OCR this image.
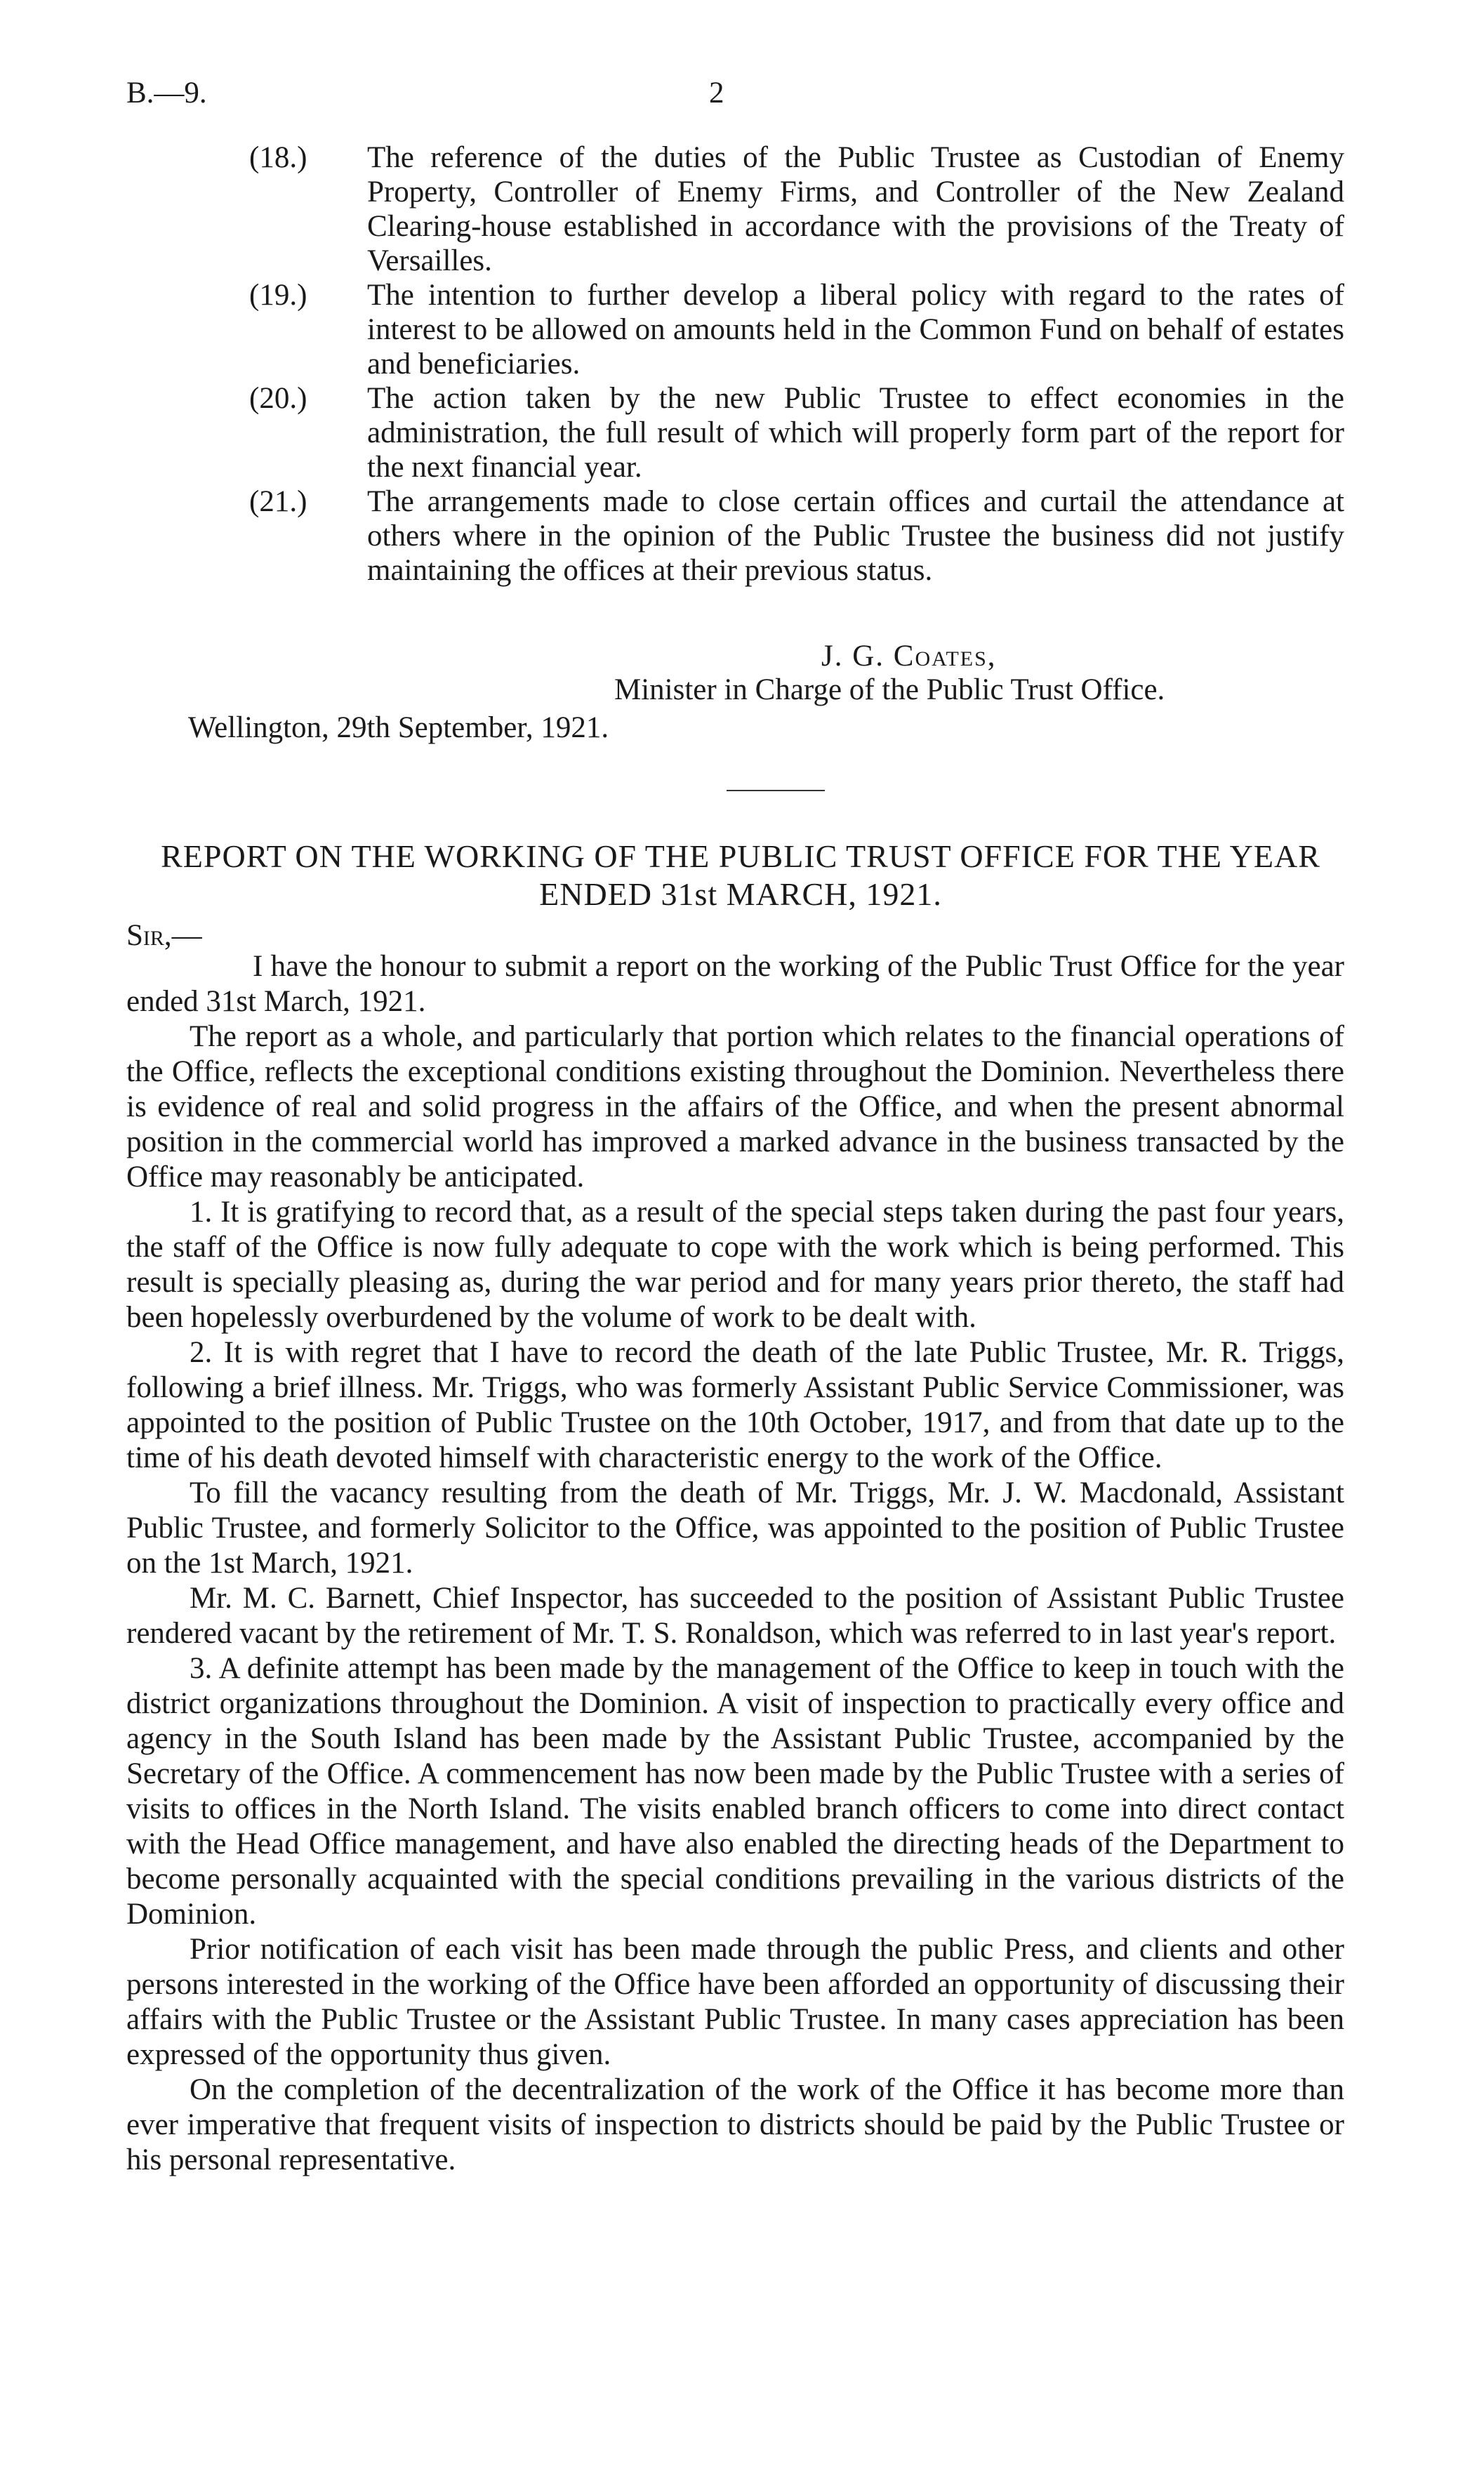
B.—9.	2

(18.) The reference of the duties of the Public Trustee as Custodian of Enemy Property, Controller of Enemy Firms, and Controller of the New Zealand Clearing-house established in accordance with the provisions of the Treaty of Versailles.

(19.) The intention to further develop a liberal policy with regard to the rates of interest to be allowed on amounts held in the Common Fund on behalf of estates and beneficiaries.

(20.) The action taken by the new Public Trustee to effect economies in the administration, the full result of which will properly form part of the report for the next financial year.

(21.) The arrangements made to close certain offices and curtail the attendance at others where in the opinion of the Public Trustee the business did not justify maintaining the offices at their previous status.

J. G. Coates,
Minister in Charge of the Public Trust Office.
Wellington, 29th September, 1921.
REPORT ON THE WORKING OF THE PUBLIC TRUST OFFICE FOR THE YEAR ENDED 31st MARCH, 1921.
Sir,—

I have the honour to submit a report on the working of the Public Trust Office for the year ended 31st March, 1921.

The report as a whole, and particularly that portion which relates to the financial operations of the Office, reflects the exceptional conditions existing throughout the Dominion. Nevertheless there is evidence of real and solid progress in the affairs of the Office, and when the present abnormal position in the commercial world has improved a marked advance in the business transacted by the Office may reasonably be anticipated.

1. It is gratifying to record that, as a result of the special steps taken during the past four years, the staff of the Office is now fully adequate to cope with the work which is being performed. This result is specially pleasing as, during the war period and for many years prior thereto, the staff had been hopelessly overburdened by the volume of work to be dealt with.

2. It is with regret that I have to record the death of the late Public Trustee, Mr. R. Triggs, following a brief illness. Mr. Triggs, who was formerly Assistant Public Service Commissioner, was appointed to the position of Public Trustee on the 10th October, 1917, and from that date up to the time of his death devoted himself with characteristic energy to the work of the Office.

To fill the vacancy resulting from the death of Mr. Triggs, Mr. J. W. Macdonald, Assistant Public Trustee, and formerly Solicitor to the Office, was appointed to the position of Public Trustee on the 1st March, 1921.

Mr. M. C. Barnett, Chief Inspector, has succeeded to the position of Assistant Public Trustee rendered vacant by the retirement of Mr. T. S. Ronaldson, which was referred to in last year's report.

3. A definite attempt has been made by the management of the Office to keep in touch with the district organizations throughout the Dominion. A visit of inspection to practically every office and agency in the South Island has been made by the Assistant Public Trustee, accompanied by the Secretary of the Office. A commencement has now been made by the Public Trustee with a series of visits to offices in the North Island. The visits enabled branch officers to come into direct contact with the Head Office management, and have also enabled the directing heads of the Department to become personally acquainted with the special conditions prevailing in the various districts of the Dominion.

Prior notification of each visit has been made through the public Press, and clients and other persons interested in the working of the Office have been afforded an opportunity of discussing their affairs with the Public Trustee or the Assistant Public Trustee. In many cases appreciation has been expressed of the opportunity thus given.

On the completion of the decentralization of the work of the Office it has become more than ever imperative that frequent visits of inspection to districts should be paid by the Public Trustee or his personal representative.
